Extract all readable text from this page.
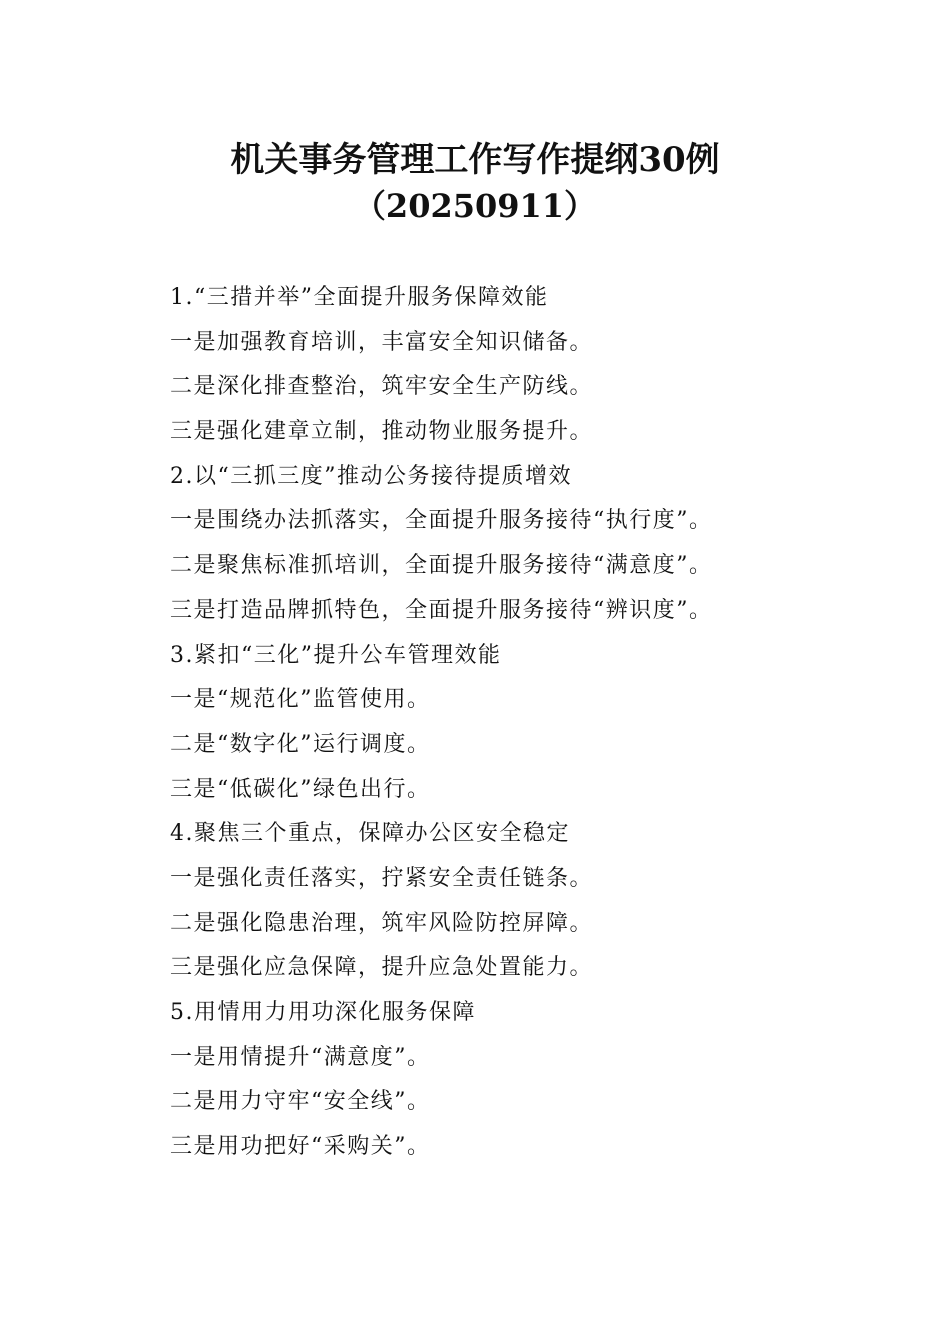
机关事务管理工作写作提纲30例
（20250911）
1.“三措并举”全面提升服务保障效能
一是加强教育培训，丰富安全知识储备。
二是深化排查整治，筑牢安全生产防线。
三是强化建章立制，推动物业服务提升。
2.以“三抓三度”推动公务接待提质增效
一是围绕办法抓落实，全面提升服务接待“执行度”。
二是聚焦标准抓培训，全面提升服务接待“满意度”。
三是打造品牌抓特色，全面提升服务接待“辨识度”。
3.紧扣“三化”提升公车管理效能
一是“规范化”监管使用。
二是“数字化”运行调度。
三是“低碳化”绿色出行。
4.聚焦三个重点，保障办公区安全稳定
一是强化责任落实，拧紧安全责任链条。
二是强化隐患治理，筑牢风险防控屏障。
三是强化应急保障，提升应急处置能力。
5.用情用力用功深化服务保障
一是用情提升“满意度”。
二是用力守牢“安全线”。
三是用功把好“采购关”。
